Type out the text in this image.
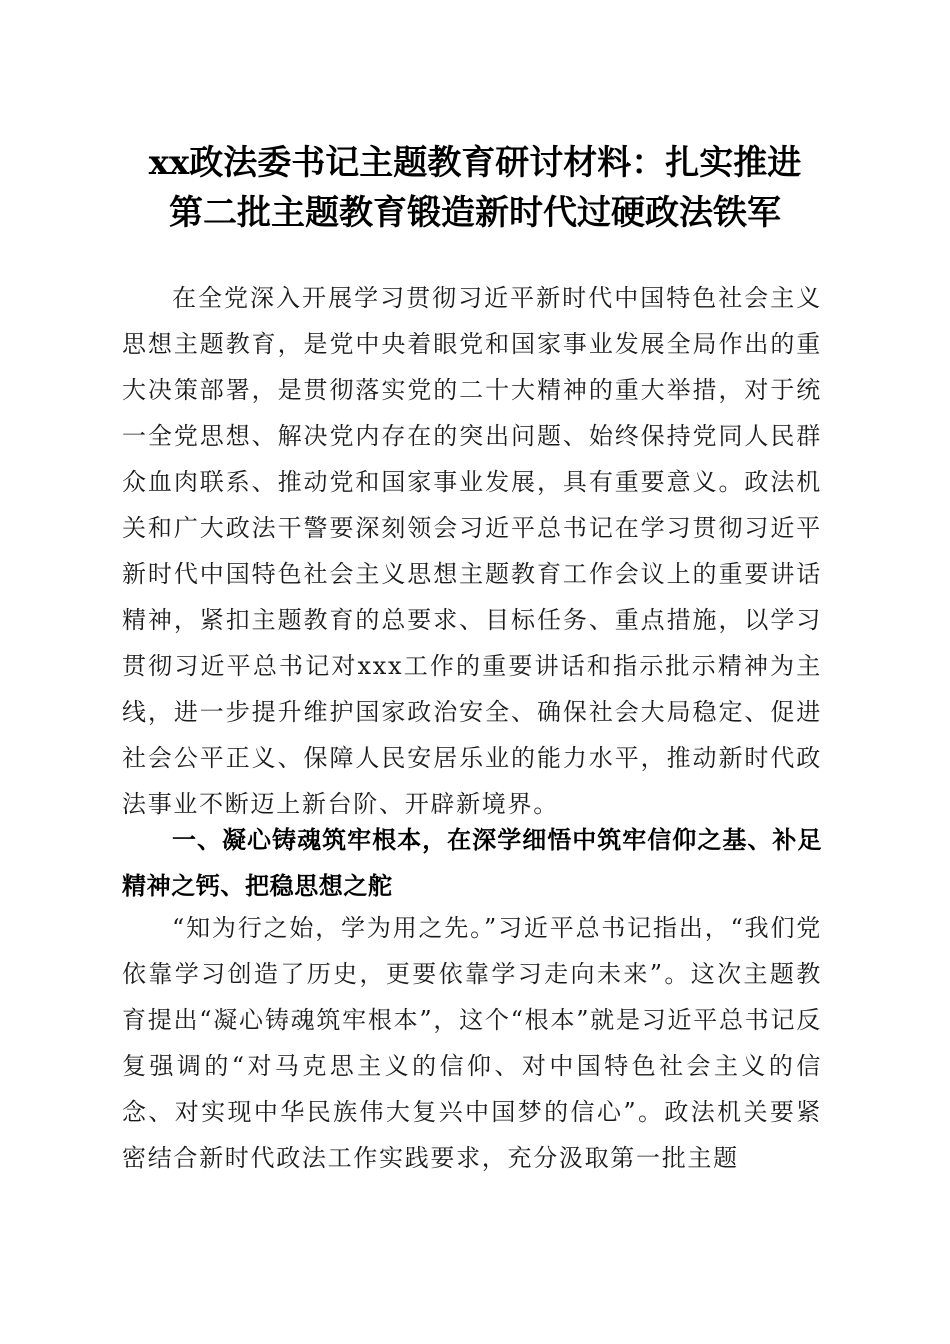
xx政法委书记主题教育研讨材料：扎实推进
第二批主题教育锻造新时代过硬政法铁军

在全党深入开展学习贯彻习近平新时代中国特色社会主义思想主题教育，是党中央着眼党和国家事业发展全局作出的重大决策部署，是贯彻落实党的二十大精神的重大举措，对于统一全党思想、解决党内存在的突出问题、始终保持党同人民群众血肉联系、推动党和国家事业发展，具有重要意义。政法机关和广大政法干警要深刻领会习近平总书记在学习贯彻习近平新时代中国特色社会主义思想主题教育工作会议上的重要讲话精神，紧扣主题教育的总要求、目标任务、重点措施，以学习贯彻习近平总书记对xxx工作的重要讲话和指示批示精神为主线，进一步提升维护国家政治安全、确保社会大局稳定、促进社会公平正义、保障人民安居乐业的能力水平，推动新时代政法事业不断迈上新台阶、开辟新境界。

一、凝心铸魂筑牢根本，在深学细悟中筑牢信仰之基、补足精神之钙、把稳思想之舵

“知为行之始，学为用之先。”习近平总书记指出，“我们党依靠学习创造了历史，更要依靠学习走向未来”。这次主题教育提出“凝心铸魂筑牢根本”，这个“根本”就是习近平总书记反复强调的“对马克思主义的信仰、对中国特色社会主义的信念、对实现中华民族伟大复兴中国梦的信心”。政法机关要紧密结合新时代政法工作实践要求，充分汲取第一批主题
